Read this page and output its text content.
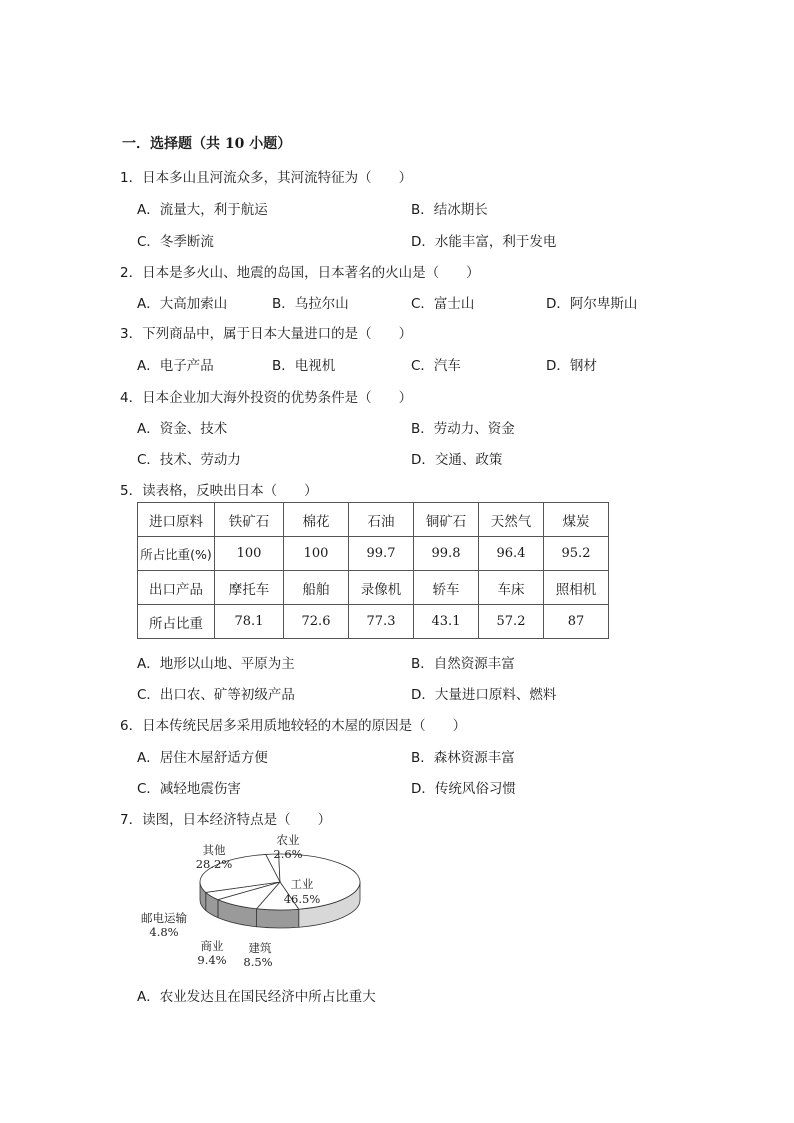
一．选择题（共 10 小题）
1．日本多山且河流众多，其河流特征为（　　）
A．流量大，利于航运	B．结冰期长
C．冬季断流	D．水能丰富，利于发电
2．日本是多火山、地震的岛国，日本著名的火山是（　　）
A．大高加索山	B．乌拉尔山	C．富士山	D．阿尔卑斯山
3．下列商品中，属于日本大量进口的是（　　）
A．电子产品	B．电视机	C．汽车	D．钢材
4．日本企业加大海外投资的优势条件是（　　）
A．资金、技术	B．劳动力、资金
C．技术、劳动力	D．交通、政策
5．读表格，反映出日本（　　）
进口原料	铁矿石	棉花	石油	铜矿石	天然气	煤炭
所占比重(%)	100	100	99.7	99.8	96.4	95.2
出口产品	摩托车	船舶	录像机	轿车	车床	照相机
所占比重	78.1	72.6	77.3	43.1	57.2	87
A．地形以山地、平原为主	B．自然资源丰富
C．出口农、矿等初级产品	D．大量进口原料、燃料
6．日本传统民居多采用质地较轻的木屋的原因是（　　）
A．居住木屋舒适方便	B．森林资源丰富
C．减轻地震伤害	D．传统风俗习惯
7．读图，日本经济特点是（　　）
农业
2.6%
工业
46.5%
建筑
8.5%
商业
9.4%
邮电运输
4.8%
其他
28.2%
A．农业发达且在国民经济中所占比重大
